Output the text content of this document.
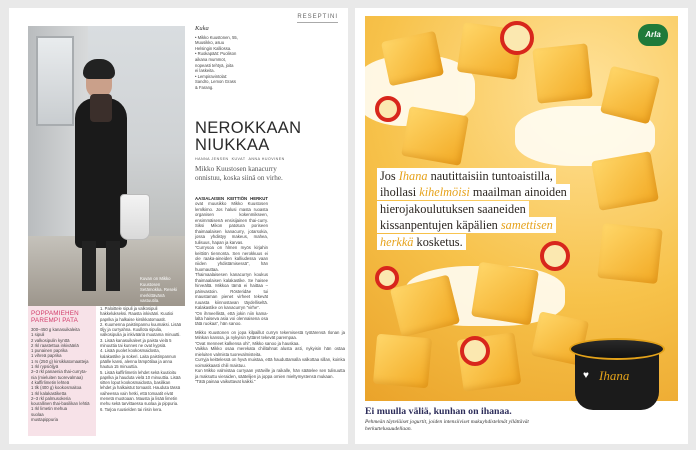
RESEPTINI
Kuvan on Mikko Kuustosen Setämokka. Reseki merkittävänä vastuutila.
Kuka
• Mikko Kuustonen, 55,
Muusikko, asuu
Helsingin Kalliossa.
• Ruokapäät: Puolison
aikana mummot,
nopeasti tehtyä, joita
ei laskeita.
• Lempiravintolat:
Sandro, Lemon Grass
& Farang.
NEROKKAAN
NIUKKAA
HANNA JENSEN KUVAT ANNA HUOVINEN
Mikko Kuustosen kanacurry onnistuu, koska siinä on virhe.

AASIALAISEN KEITTIÖN HERKUT ovat muusikko Mikko Kuustosen lemlkimo. Jos halusi masta ruoasta organisen kokenmikseen, ensimmäisenä ensisijainen thai-curry. Siksi Mikon patotura poriseen thaimaalaisen kanacurry, jotarsokia, jossa yhdistyy makeus, mahea, tulisuus, hapan ja karvas.

”Currysoa on hlmen myös kirjahin keittiön tiennonta. Sen nerokkuus ei ole raaka-aineiden kalliudessa vaan niiden yhdistämisessä”, hän huomauttaa.

Thaimaalaisesen kanacurryn koukus thaimaalaisen kalakastike. Se haisee hirveältä. Mikkoa tämä ei haittaa – päinvastoin. Rösteridäe tui maustaman pienet virheet tekevät ruuasta kiinnostavan täydelliseltä. Kalakastike on kanacurryn ”virhe”.

”On ihmeellistä, että jokin niin kamalalta haiseva asia voi olennaisena osa tätä ruokaa”, hän sanoo.

Mikko Kuustonen on jopa kilpaillut curryn tekemisestä työtärensä Ilonan ja Minkan kanssa, ja nykyisin tyttäret tekevät parempaa.

”Ovat menneet kalkensa ohi”, Mikko sanoo ja hauskaa.

Vaikka Mikko osaa merekata chilitahnat alusta asti, nykyisin hän ostaa mieluiten valmista tuorevalmisteita.

Curryja keittelessä on hyvä muistaa, että hauduttamalla valkottaa sillan, koinka voimakkaasti chili maistuu.

Kun Mikko valmistaa curryaan ystäville ja raikalle, hän säätelee sen tulisuutta ja maksuttu vieraiden, säätelijen ja joppa omien mieltymystensä mukaan.

”Tätä painaa vaikuttavat kaikki.”

POPPAMIEHEN
PAREMPI PATA
300–450 g kanasuikaleita
1 sipuli
2 valkosipulin kynttä
2 rkl raastettua inkivääriä
1 punainen paprika
1 vihreä paprika
1 rs (250 g) kirsikkatomaatteja
1 rkl rypsiöljyä
2–3 rkl panaenia thai-curryta-
nia (mieluiten tuorevalmaa)
4 kaffirlimetin lehteä
1 tlk (400 g) kookosmaitoa
1 rkl kalakastiketta
2–3 rkl palmusokeria
kourallinen thai-basilikan lehtiä
1 rkl limetin mehua
suolaa
mustapippuria

1. Paloittele sipuli ja valkosipuli hakkelukseksi. Raasta inkivääri. Kuutioi paprika ja halkaise kirsikkatomaatit.

2. Kuumenna paistinpannu kuumaksi. Lisää öljy ja curryahna. Kuullota sipulia, valkosipulia ja inkivääriä muutama minuutti.

3. Lisää kanasuikaleet ja paista vielä 5 minuuttia tai kunnes ne ovat kypsiä.

4. Lisää puolet kookosmaidosta, kalakastike ja sokeri. Laita paistinpannun päälle kansi, alenna lämpötilaa ja anna hautua 15 minuuttia.

5. Lisää kaffirlimetin lehdet sekä kuutioitu paprika ja hauduta vielä 10 minuuttia. Lisää sitten loput kookosmaidosta, basilikan lehdet ja halkaistut tomaatit. Hauduta tässä vaiheessa vain hetki, että tomaatit eivät menetä muotoaan. Mausta ja lisää limetin mehu sekä tarvittaessa suolaa ja pippuria.

6. Tarjoa ruusielden tai riisin kera.

Arla
Jos Ihana nautittaisiin tuntoaistilla,
ihollasi kihelmöisi maailman ainoiden
hierojakoulutuksen saaneiden
kissanpentujen käpälien samettisen
herkkä kosketus.
♥ Ihana
Ei muulla väliä, kunhan on ihanaa.
Pehmeän täyteläiset jogurtit, joiden intensiiviset makuyhdistelmät yllättävät herkuttelusuudellaan.
